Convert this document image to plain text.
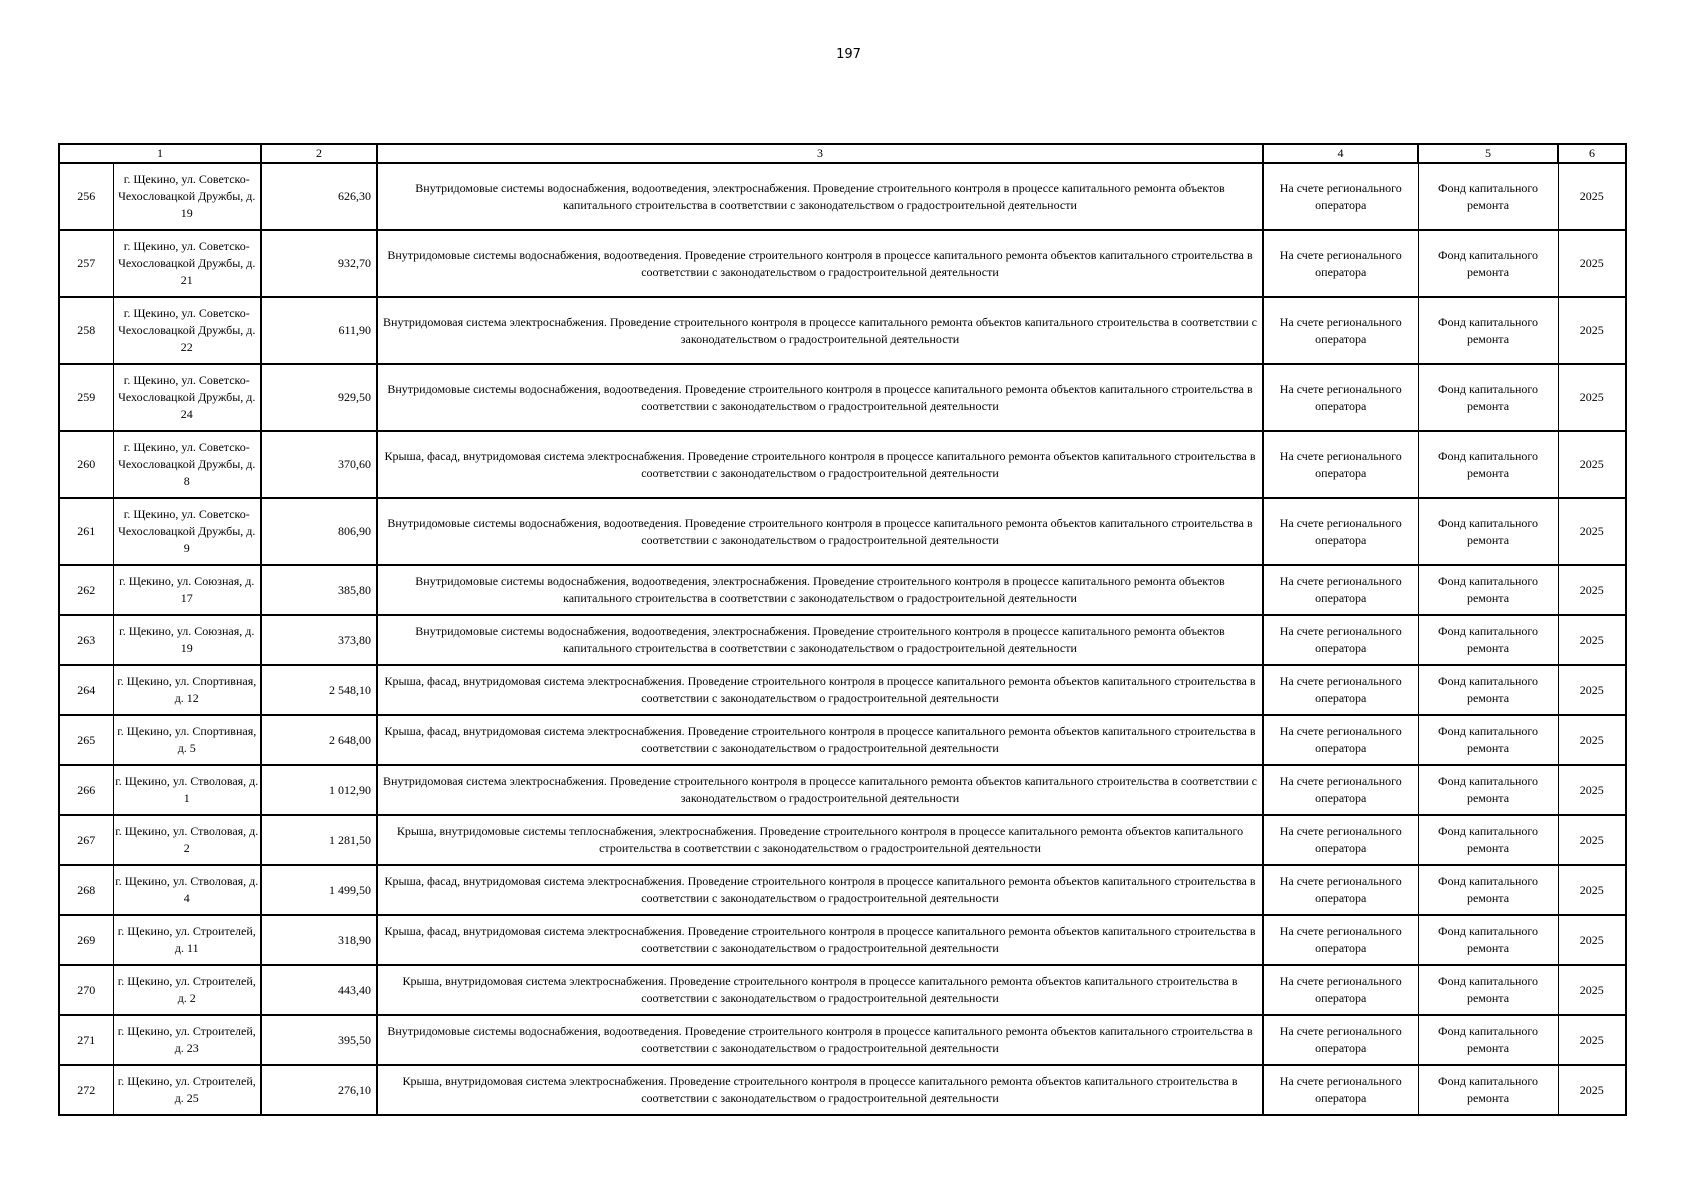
197
1		2	3	4	5	6
256	г. Щекино, ул. Советско-Чехословацкой Дружбы, д. 19	626,30	Внутридомовые системы водоснабжения, водоотведения, электроснабжения. Проведение строительного контроля в процессе капитального ремонта объектов капитального строительства в соответствии с законодательством о градостроительной деятельности	На счете регионального оператора	Фонд капитального ремонта	2025
257	г. Щекино, ул. Советско-Чехословацкой Дружбы, д. 21	932,70	Внутридомовые системы водоснабжения, водоотведения. Проведение строительного контроля в процессе капитального ремонта объектов капитального строительства в соответствии с законодательством о градостроительной деятельности	На счете регионального оператора	Фонд капитального ремонта	2025
258	г. Щекино, ул. Советско-Чехословацкой Дружбы, д. 22	611,90	Внутридомовая система электроснабжения. Проведение строительного контроля в процессе капитального ремонта объектов капитального строительства в соответствии с законодательством о градостроительной деятельности	На счете регионального оператора	Фонд капитального ремонта	2025
259	г. Щекино, ул. Советско-Чехословацкой Дружбы, д. 24	929,50	Внутридомовые системы водоснабжения, водоотведения. Проведение строительного контроля в процессе капитального ремонта объектов капитального строительства в соответствии с законодательством о градостроительной деятельности	На счете регионального оператора	Фонд капитального ремонта	2025
260	г. Щекино, ул. Советско-Чехословацкой Дружбы, д. 8	370,60	Крыша, фасад, внутридомовая система электроснабжения. Проведение строительного контроля в процессе капитального ремонта объектов капитального строительства в соответствии с законодательством о градостроительной деятельности	На счете регионального оператора	Фонд капитального ремонта	2025
261	г. Щекино, ул. Советско-Чехословацкой Дружбы, д. 9	806,90	Внутридомовые системы водоснабжения, водоотведения. Проведение строительного контроля в процессе капитального ремонта объектов капитального строительства в соответствии с законодательством о градостроительной деятельности	На счете регионального оператора	Фонд капитального ремонта	2025
262	г. Щекино, ул. Союзная, д. 17	385,80	Внутридомовые системы водоснабжения, водоотведения, электроснабжения. Проведение строительного контроля в процессе капитального ремонта объектов капитального строительства в соответствии с законодательством о градостроительной деятельности	На счете регионального оператора	Фонд капитального ремонта	2025
263	г. Щекино, ул. Союзная, д. 19	373,80	Внутридомовые системы водоснабжения, водоотведения, электроснабжения. Проведение строительного контроля в процессе капитального ремонта объектов капитального строительства в соответствии с законодательством о градостроительной деятельности	На счете регионального оператора	Фонд капитального ремонта	2025
264	г. Щекино, ул. Спортивная, д. 12	2 548,10	Крыша, фасад, внутридомовая система электроснабжения. Проведение строительного контроля в процессе капитального ремонта объектов капитального строительства в соответствии с законодательством о градостроительной деятельности	На счете регионального оператора	Фонд капитального ремонта	2025
265	г. Щекино, ул. Спортивная, д. 5	2 648,00	Крыша, фасад, внутридомовая система электроснабжения. Проведение строительного контроля в процессе капитального ремонта объектов капитального строительства в соответствии с законодательством о градостроительной деятельности	На счете регионального оператора	Фонд капитального ремонта	2025
266	г. Щекино, ул. Стволовая, д. 1	1 012,90	Внутридомовая система электроснабжения. Проведение строительного контроля в процессе капитального ремонта объектов капитального строительства в соответствии с законодательством о градостроительной деятельности	На счете регионального оператора	Фонд капитального ремонта	2025
267	г. Щекино, ул. Стволовая, д. 2	1 281,50	Крыша, внутридомовые системы теплоснабжения, электроснабжения. Проведение строительного контроля в процессе капитального ремонта объектов капитального строительства в соответствии с законодательством о градостроительной деятельности	На счете регионального оператора	Фонд капитального ремонта	2025
268	г. Щекино, ул. Стволовая, д. 4	1 499,50	Крыша, фасад, внутридомовая система электроснабжения. Проведение строительного контроля в процессе капитального ремонта объектов капитального строительства в соответствии с законодательством о градостроительной деятельности	На счете регионального оператора	Фонд капитального ремонта	2025
269	г. Щекино, ул. Строителей, д. 11	318,90	Крыша, фасад, внутридомовая система электроснабжения. Проведение строительного контроля в процессе капитального ремонта объектов капитального строительства в соответствии с законодательством о градостроительной деятельности	На счете регионального оператора	Фонд капитального ремонта	2025
270	г. Щекино, ул. Строителей, д. 2	443,40	Крыша, внутридомовая система электроснабжения. Проведение строительного контроля в процессе капитального ремонта объектов капитального строительства в соответствии с законодательством о градостроительной деятельности	На счете регионального оператора	Фонд капитального ремонта	2025
271	г. Щекино, ул. Строителей, д. 23	395,50	Внутридомовые системы водоснабжения, водоотведения. Проведение строительного контроля в процессе капитального ремонта объектов капитального строительства в соответствии с законодательством о градостроительной деятельности	На счете регионального оператора	Фонд капитального ремонта	2025
272	г. Щекино, ул. Строителей, д. 25	276,10	Крыша, внутридомовая система электроснабжения. Проведение строительного контроля в процессе капитального ремонта объектов капитального строительства в соответствии с законодательством о градостроительной деятельности	На счете регионального оператора	Фонд капитального ремонта	2025
